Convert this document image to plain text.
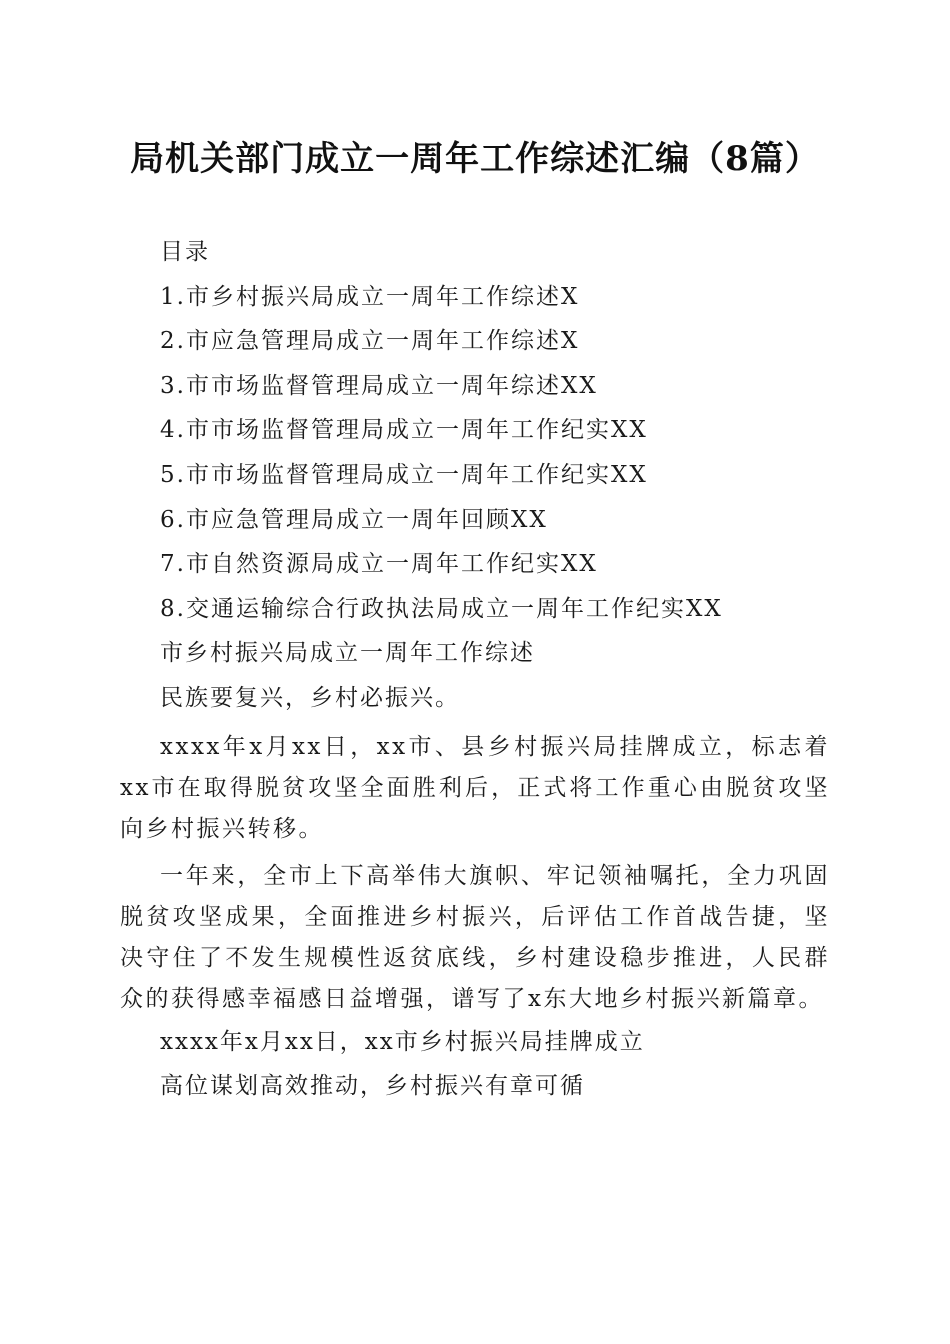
局机关部门成立一周年工作综述汇编（8篇）

目录

1.市乡村振兴局成立一周年工作综述X

2.市应急管理局成立一周年工作综述X

3.市市场监督管理局成立一周年综述XX

4.市市场监督管理局成立一周年工作纪实XX

5.市市场监督管理局成立一周年工作纪实XX

6.市应急管理局成立一周年回顾XX

7.市自然资源局成立一周年工作纪实XX

8.交通运输综合行政执法局成立一周年工作纪实XX

市乡村振兴局成立一周年工作综述

民族要复兴，乡村必振兴。

xxxx年x月xx日，xx市、县乡村振兴局挂牌成立，标志着xx市在取得脱贫攻坚全面胜利后，正式将工作重心由脱贫攻坚向乡村振兴转移。

一年来，全市上下高举伟大旗帜、牢记领袖嘱托，全力巩固脱贫攻坚成果，全面推进乡村振兴，后评估工作首战告捷，坚决守住了不发生规模性返贫底线，乡村建设稳步推进，人民群众的获得感幸福感日益增强，谱写了x东大地乡村振兴新篇章。

xxxx年x月xx日，xx市乡村振兴局挂牌成立

高位谋划高效推动，乡村振兴有章可循
